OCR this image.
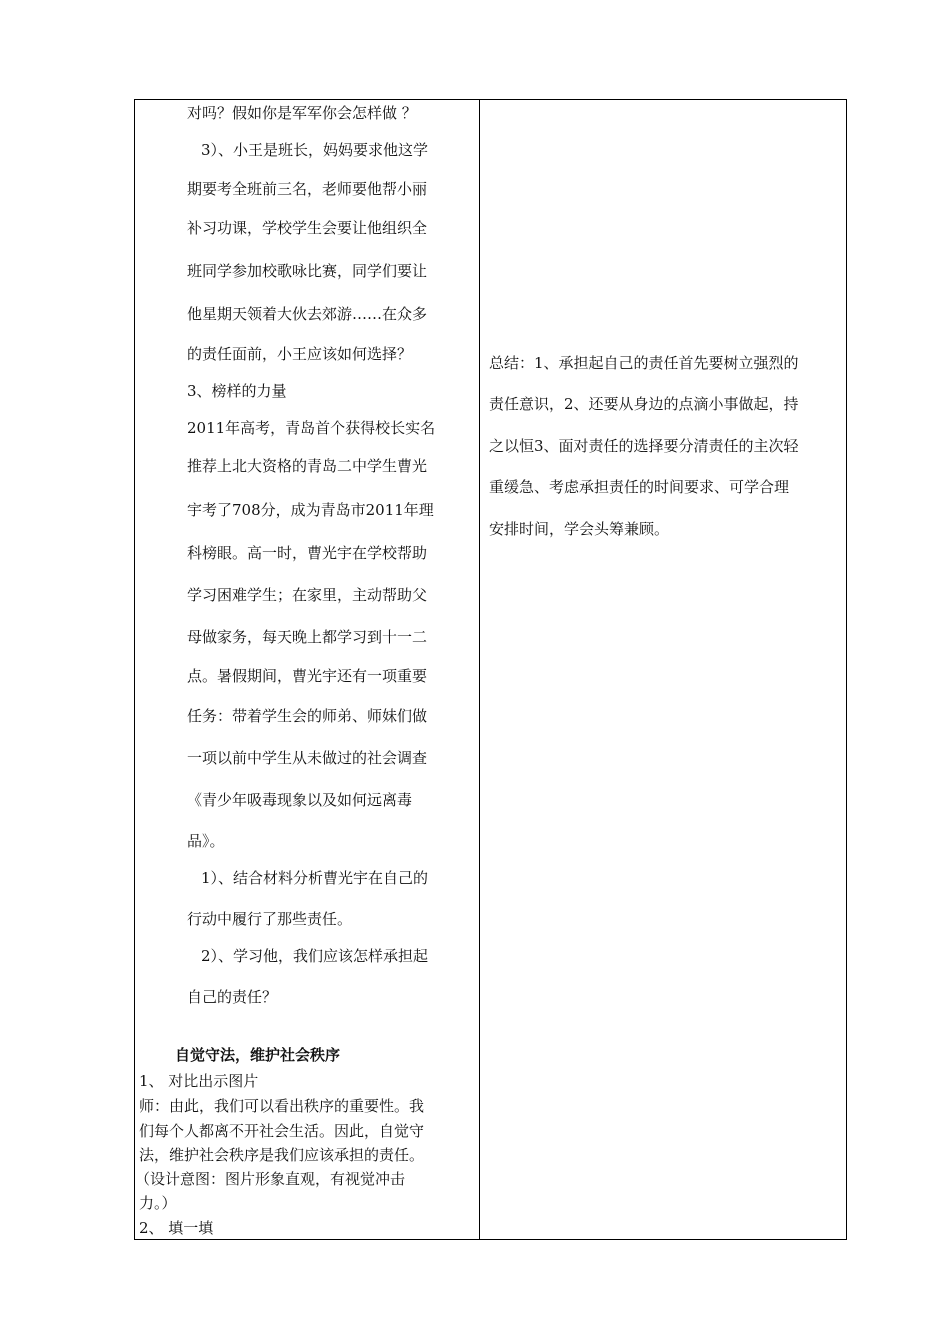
对吗？假如你是军军你会怎样做 ？
3）、小王是班长，妈妈要求他这学
期要考全班前三名，老师要他帮小丽
补习功课，学校学生会要让他组织全
班同学参加校歌咏比赛，同学们要让
他星期天领着大伙去郊游……在众多
的责任面前，小王应该如何选择？
3、榜样的力量
2011年高考，青岛首个获得校长实名
推荐上北大资格的青岛二中学生曹光
宇考了708分，成为青岛市2011年理
科榜眼。高一时，曹光宇在学校帮助
学习困难学生；在家里，主动帮助父
母做家务，每天晚上都学习到十一二
点。暑假期间，曹光宇还有一项重要
任务：带着学生会的师弟、师妹们做
一项以前中学生从未做过的社会调查
《青少年吸毒现象以及如何远离毒
品》。
1）、结合材料分析曹光宇在自己的
行动中履行了那些责任。
2）、学习他，我们应该怎样承担起
自己的责任？
自觉守法，维护社会秩序
1、 对比出示图片
师：由此，我们可以看出秩序的重要性。我
们每个人都离不开社会生活。因此，自觉守
法，维护社会秩序是我们应该承担的责任。
（设计意图：图片形象直观，有视觉冲击
力。）
2、 填一填
总结：1、承担起自己的责任首先要树立强烈的
责任意识，2、还要从身边的点滴小事做起，持
之以恒3、面对责任的选择要分清责任的主次轻
重缓急、考虑承担责任的时间要求、可学合理
安排时间，学会头筹兼顾。
